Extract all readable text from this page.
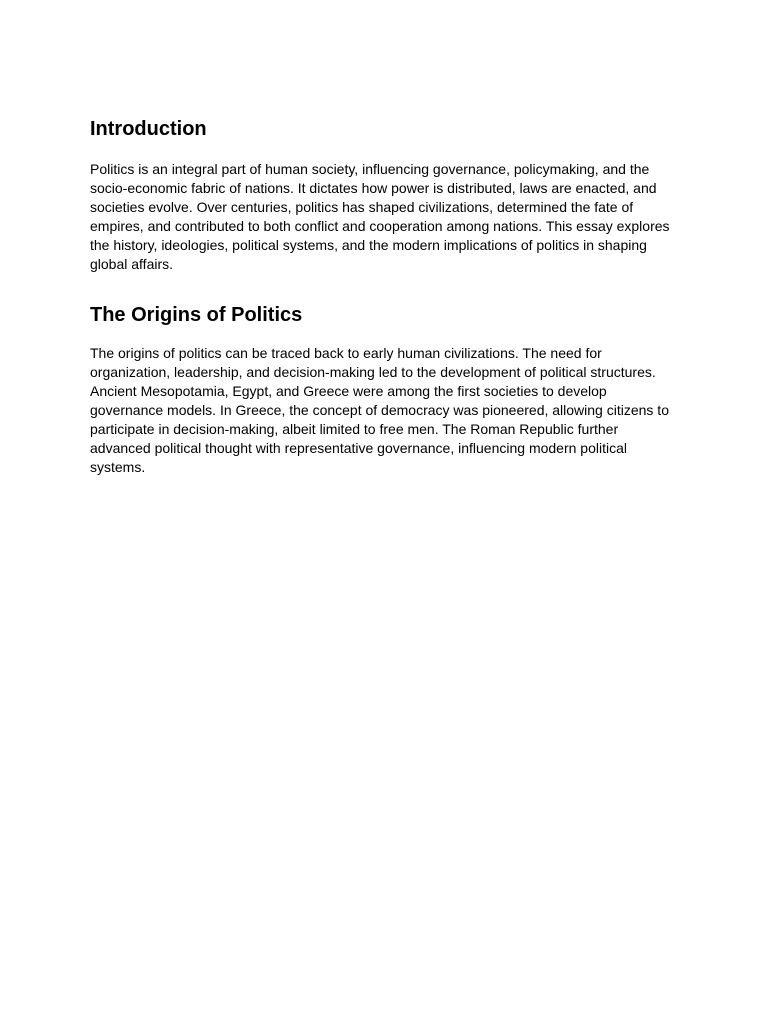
Introduction

Politics is an integral part of human society, influencing governance, policymaking, and the socio-economic fabric of nations. It dictates how power is distributed, laws are enacted, and societies evolve. Over centuries, politics has shaped civilizations, determined the fate of empires, and contributed to both conflict and cooperation among nations. This essay explores the history, ideologies, political systems, and the modern implications of politics in shaping global affairs.

The Origins of Politics

The origins of politics can be traced back to early human civilizations. The need for organization, leadership, and decision-making led to the development of political structures. Ancient Mesopotamia, Egypt, and Greece were among the first societies to develop governance models. In Greece, the concept of democracy was pioneered, allowing citizens to participate in decision-making, albeit limited to free men. The Roman Republic further advanced political thought with representative governance, influencing modern political systems.
